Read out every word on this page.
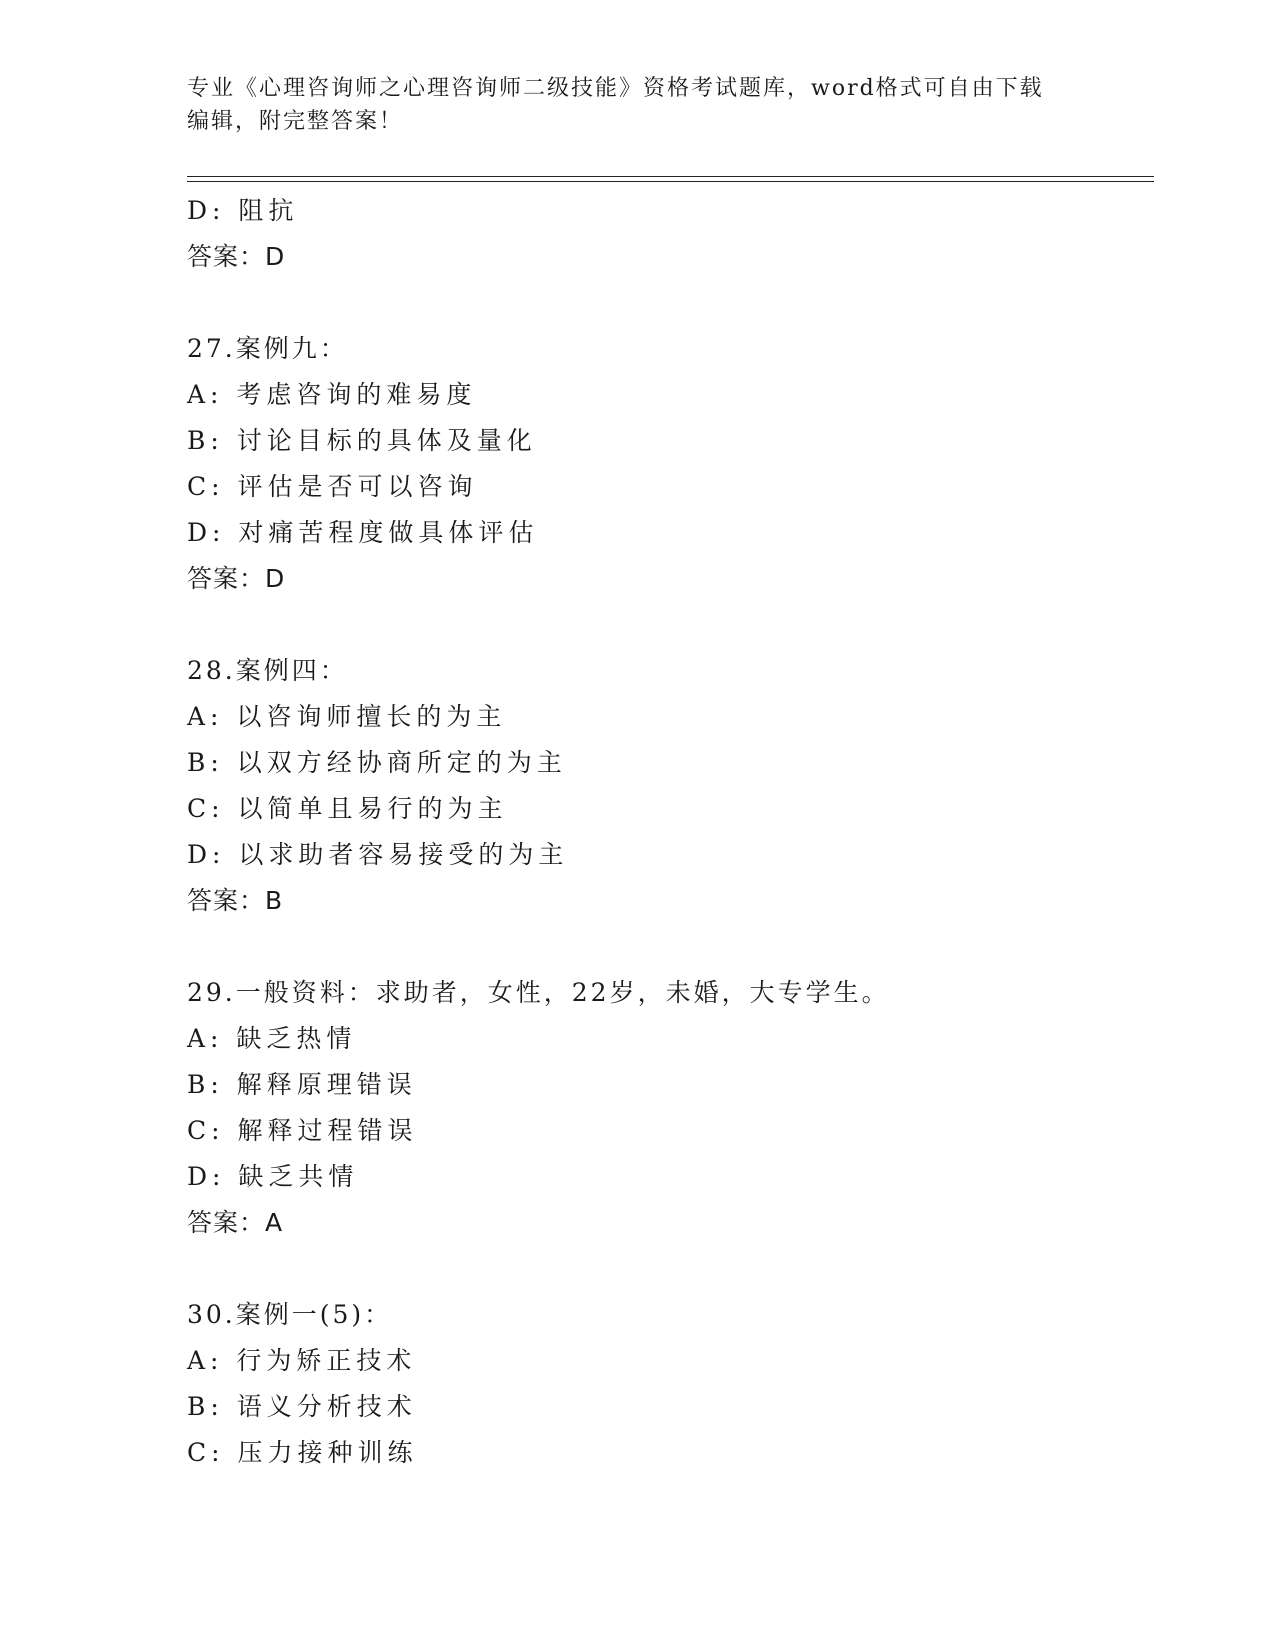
专业《心理咨询师之心理咨询师二级技能》资格考试题库，word格式可自由下载
编辑，附完整答案！
D: 阻抗
答案：D
27.案例九：
A: 考虑咨询的难易度
B: 讨论目标的具体及量化
C: 评估是否可以咨询
D: 对痛苦程度做具体评估
答案：D
28.案例四：
A: 以咨询师擅长的为主
B: 以双方经协商所定的为主
C: 以简单且易行的为主
D: 以求助者容易接受的为主
答案：B
29.一般资料：求助者，女性，22岁，未婚，大专学生。
A: 缺乏热情
B: 解释原理错误
C: 解释过程错误
D: 缺乏共情
答案：A
30.案例一(5)：
A: 行为矫正技术
B: 语义分析技术
C: 压力接种训练
